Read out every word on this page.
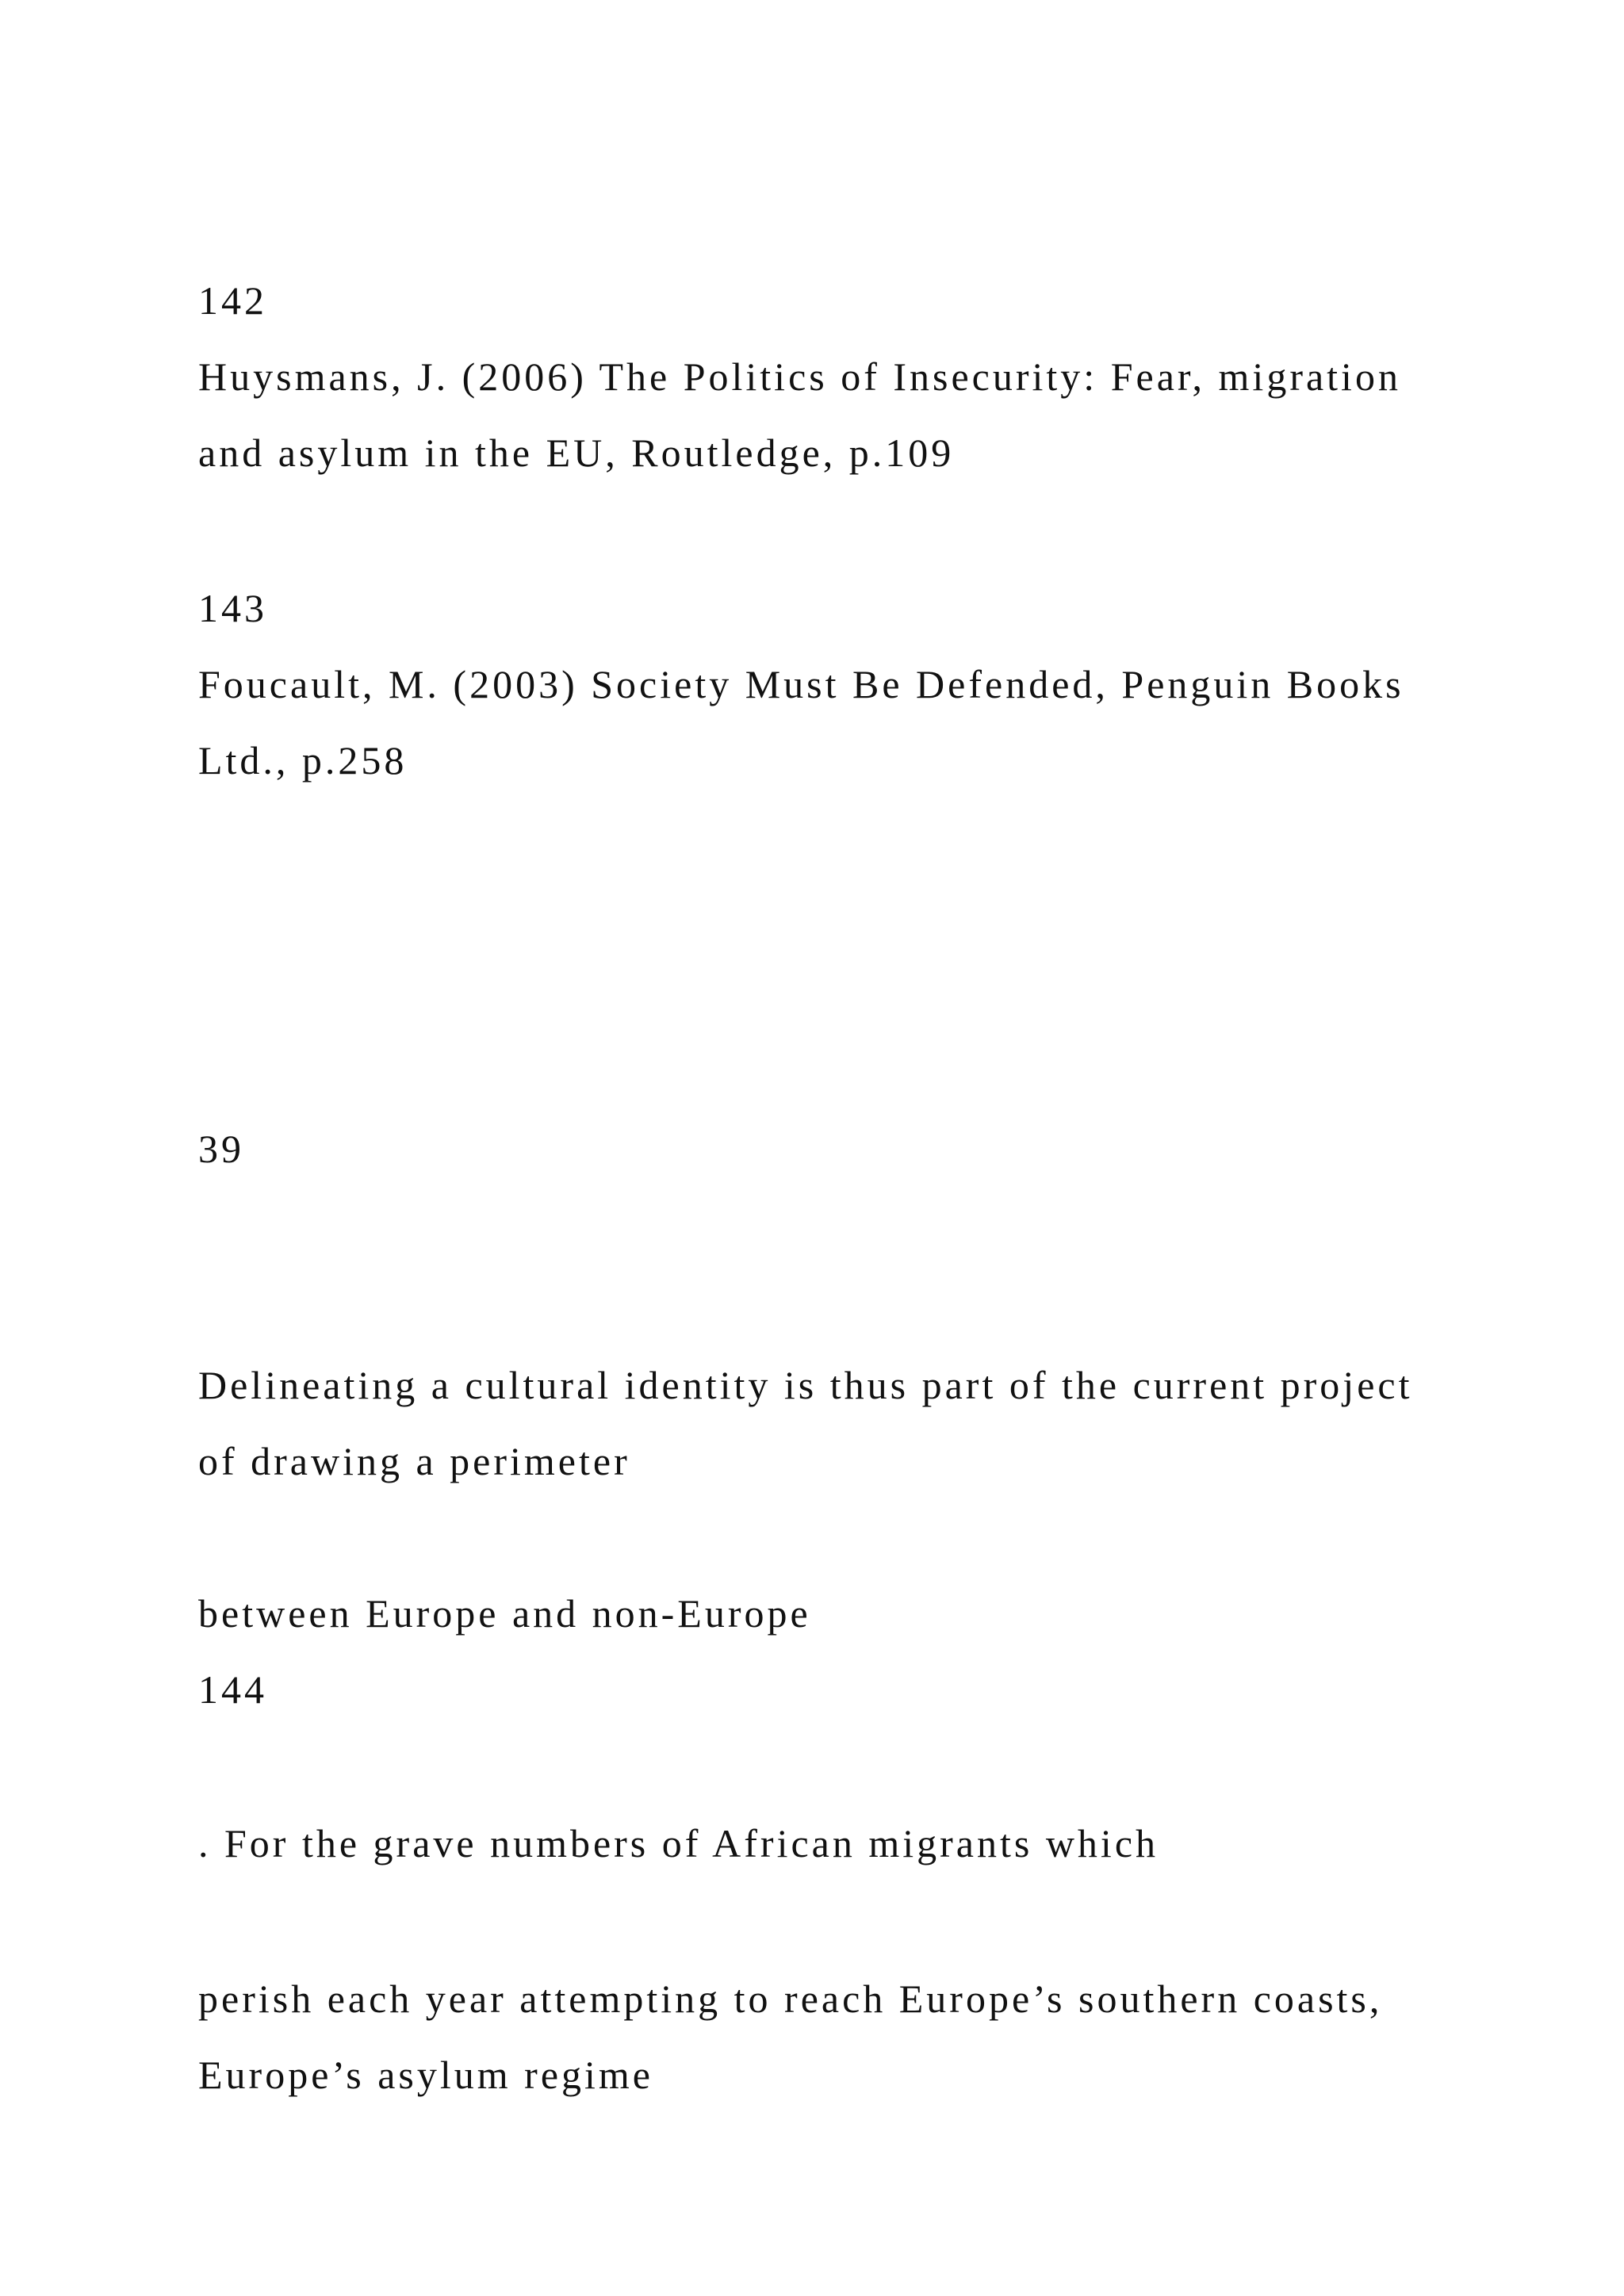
142
Huysmans, J. (2006) The Politics of Insecurity: Fear, migration
and asylum in the EU, Routledge, p.109
143
Foucault, M. (2003) Society Must Be Defended, Penguin Books
Ltd., p.258
39
Delineating a cultural identity is thus part of the current project
of drawing a perimeter
between Europe and non-Europe
144
. For the grave numbers of African migrants which
perish each year attempting to reach Europe’s southern coasts,
Europe’s asylum regime
